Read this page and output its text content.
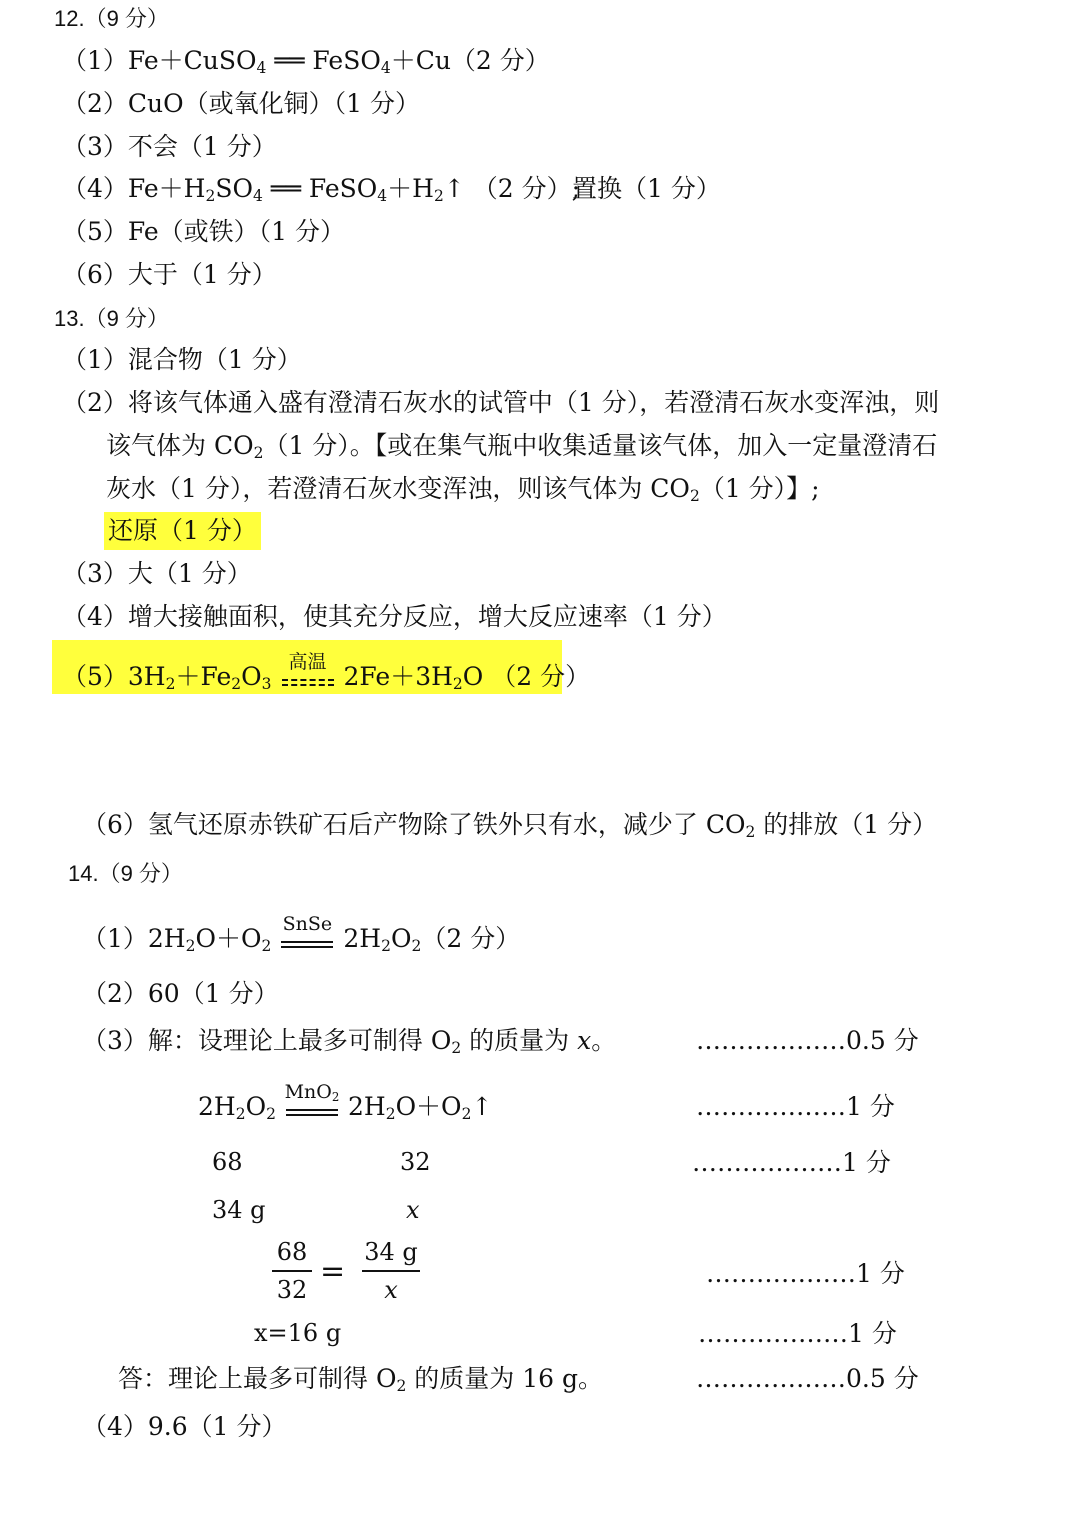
12.（9 分）
（1）Fe＋CuSO$_4$ ══ FeSO$_4$＋Cu（2 分）
（2）CuO（或氧化铜）（1 分）
（3）不会（1 分）
$(4)Fe+H_2SO_4$ ══ $FeSO_4+H_2↑$ （2 分）;
置换（1 分）
（5）Fe（或铁）（1 分）
（6）大于（1 分）
13.（9 分）
（1）混合物（1 分）
（2）将该气体通入盛有澄清石灰水的试管中（1 分），若澄清石灰水变浑浊，则
该气体为 $CO_2(1$ 分）。【或在集气瓶中收集适量该气体，加入一定量澄清石
灰水（1 分），若澄清石灰水变浑浊，则该气体为 $CO_2(1$ 分）】;
还原（1 分）
（3）大（1 分）
（4）增大接触面积，使其充分反应，增大反应速率（1 分）
$(5)3H_2+Fe_2O_3$
高温
$2Fe+3H_2O$ （2 分）
（6）氢气还原赤铁矿石后产物除了铁外只有水，减少了 $CO_2$ 的排放（1 分）
14.（9 分）
$(1)2H_2O+O_2$
SnSe
$2H_2O_2(2$ 分）
（2）60（1 分）
（3）解：设理论上最多可制得 $O_2$ 的质量为 x。
$2H_2O_2$
MnO$_2$ $2H_2O+O_2↑$
68	32
34 g	x
68
32
=
34 g
x
x=16 g
答：理论上最多可制得 $O_2$ 的质量为 16 g。
（4）9.6（1 分）
………………0.5 分
………………1 分
………………1 分
………………1 分
………………1 分
………………0.5 分
